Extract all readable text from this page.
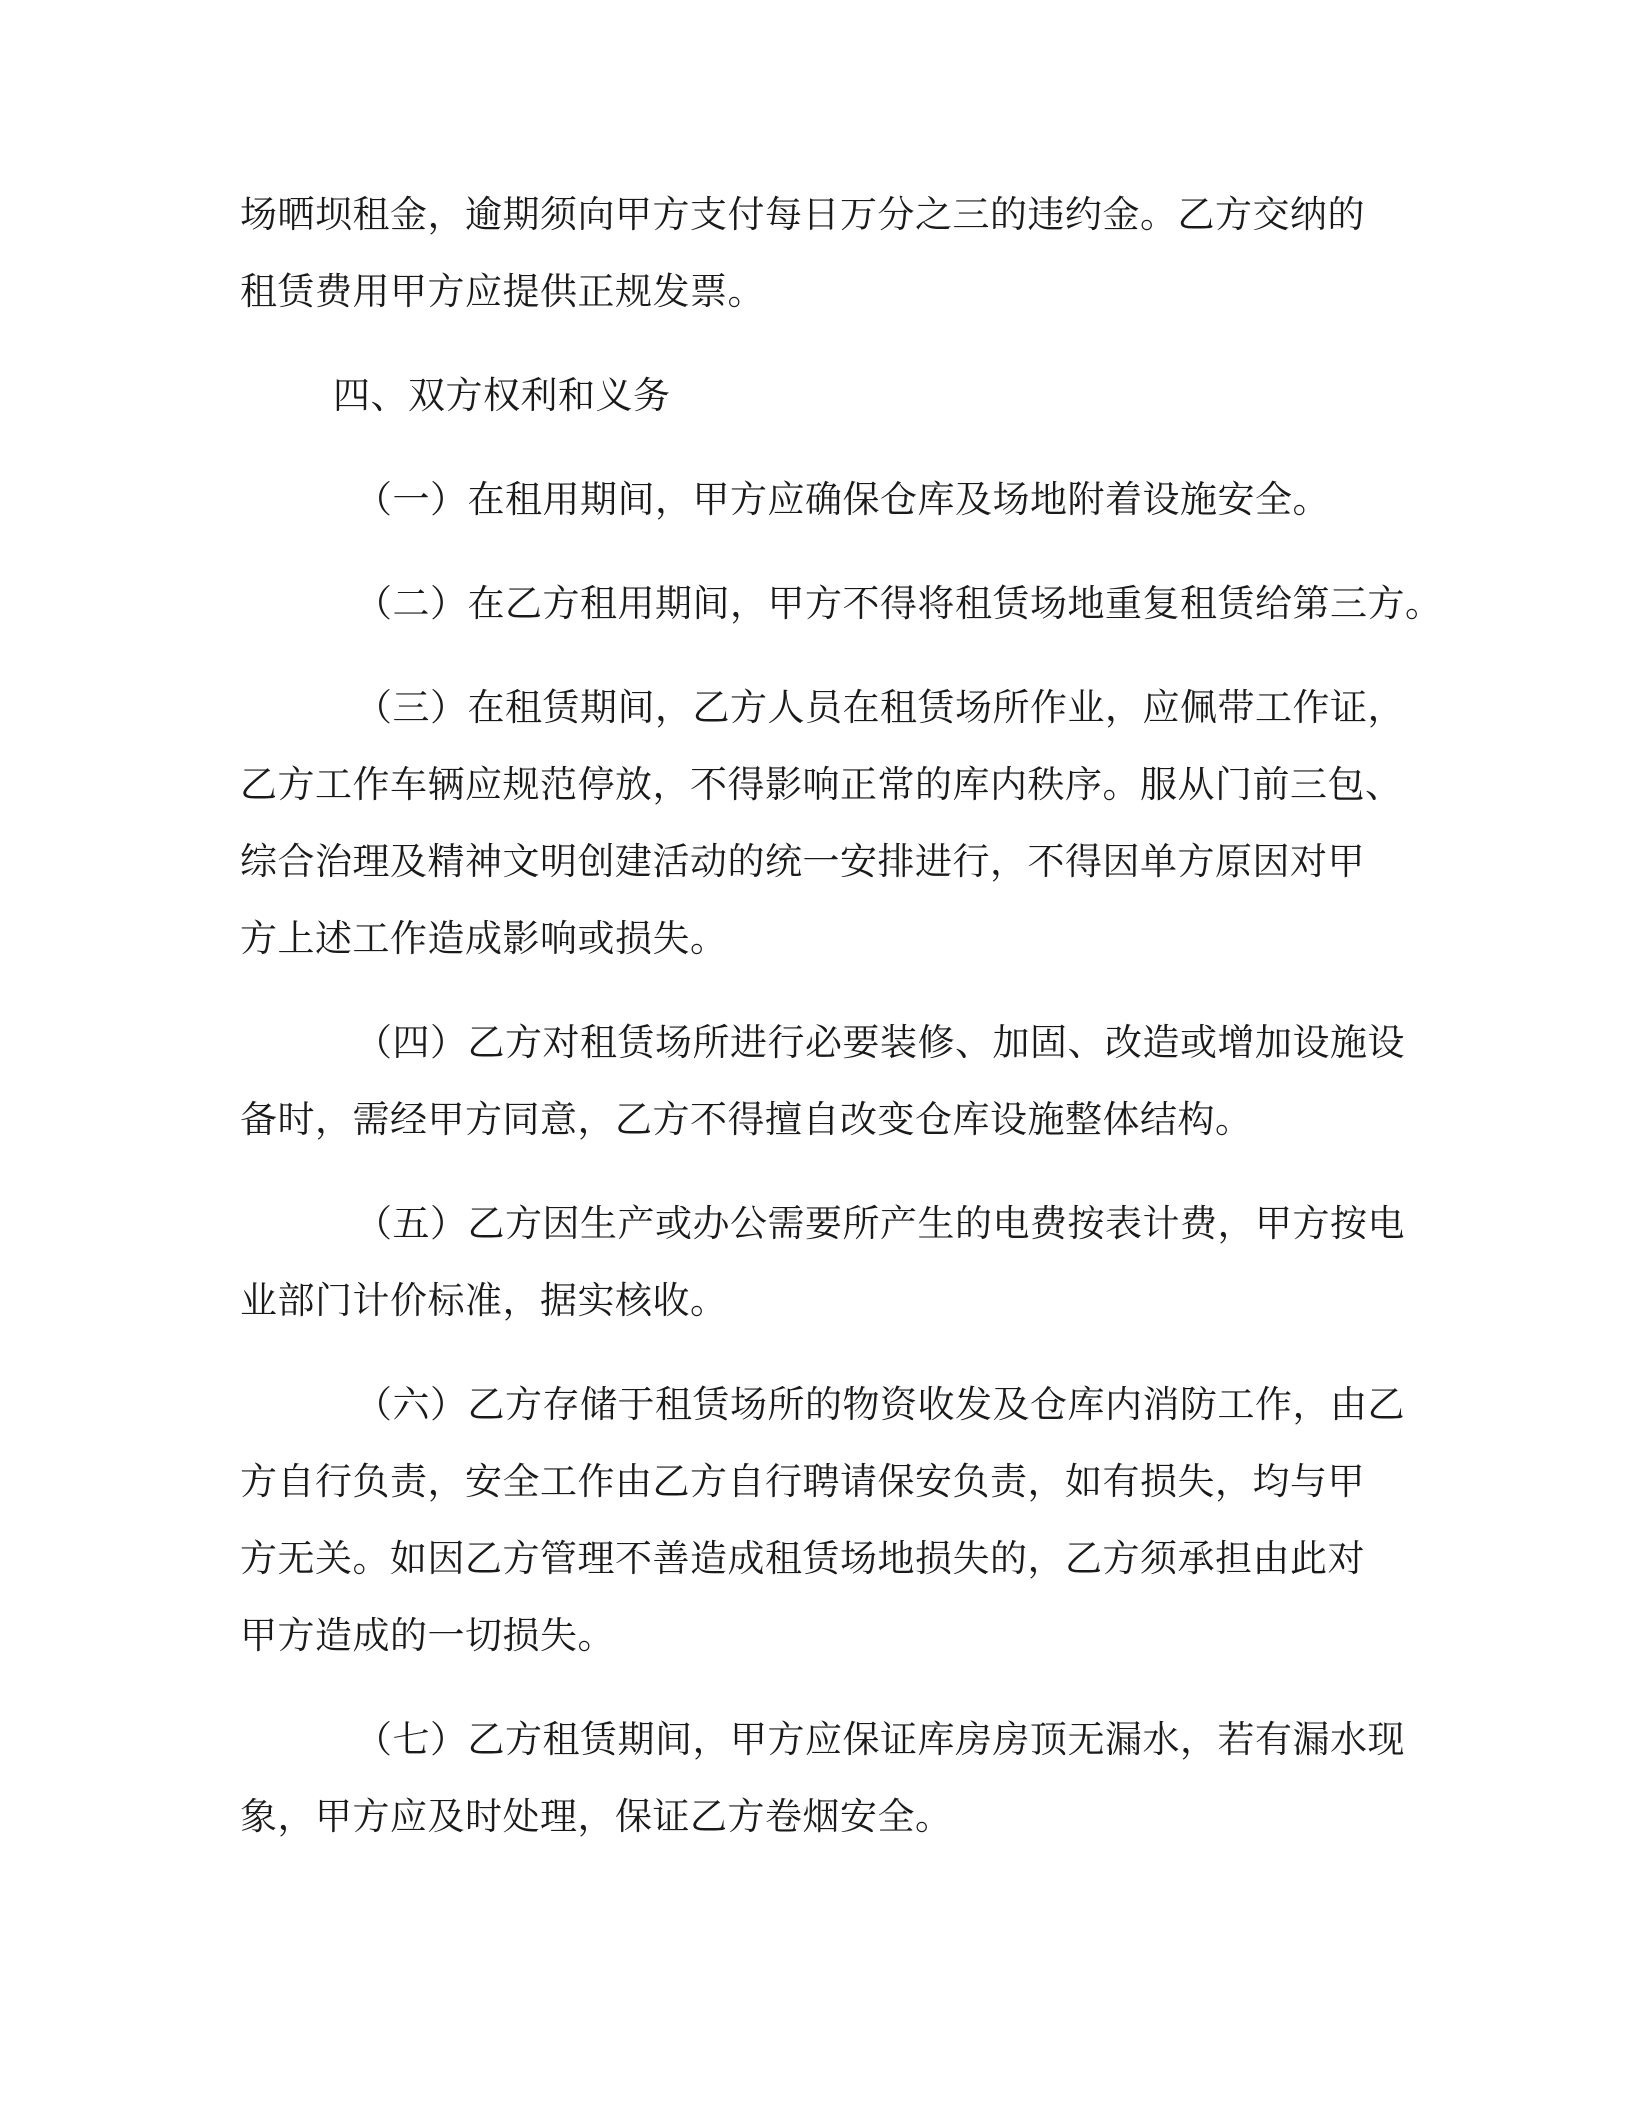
场晒坝租金，逾期须向甲方支付每日万分之三的违约金。乙方交纳的
租赁费用甲方应提供正规发票。
四、双方权利和义务
（一）在租用期间，甲方应确保仓库及场地附着设施安全。
（二）在乙方租用期间，甲方不得将租赁场地重复租赁给第三方。
（三）在租赁期间，乙方人员在租赁场所作业，应佩带工作证，
乙方工作车辆应规范停放，不得影响正常的库内秩序。服从门前三包、
综合治理及精神文明创建活动的统一安排进行，不得因单方原因对甲
方上述工作造成影响或损失。
（四）乙方对租赁场所进行必要装修、加固、改造或增加设施设
备时，需经甲方同意，乙方不得擅自改变仓库设施整体结构。
（五）乙方因生产或办公需要所产生的电费按表计费，甲方按电
业部门计价标准，据实核收。
（六）乙方存储于租赁场所的物资收发及仓库内消防工作，由乙
方自行负责，安全工作由乙方自行聘请保安负责，如有损失，均与甲
方无关。如因乙方管理不善造成租赁场地损失的，乙方须承担由此对
甲方造成的一切损失。
（七）乙方租赁期间，甲方应保证库房房顶无漏水，若有漏水现
象，甲方应及时处理，保证乙方卷烟安全。
